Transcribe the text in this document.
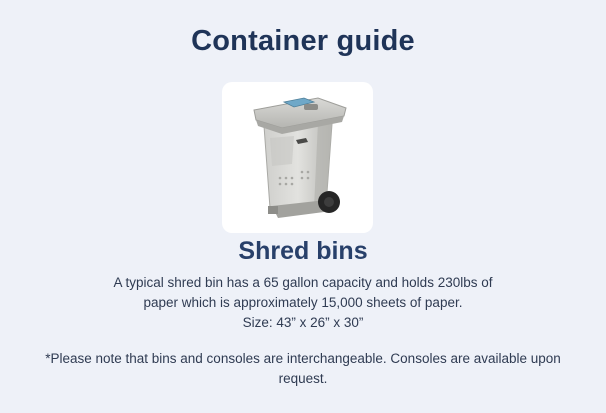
Container guide
Shred bins
A typical shred bin has a 65 gallon capacity and holds 230lbs of
paper which is approximately 15,000 sheets of paper.
Size: 43” x 26” x 30”
*Please note that bins and consoles are interchangeable. Consoles are available upon request.
